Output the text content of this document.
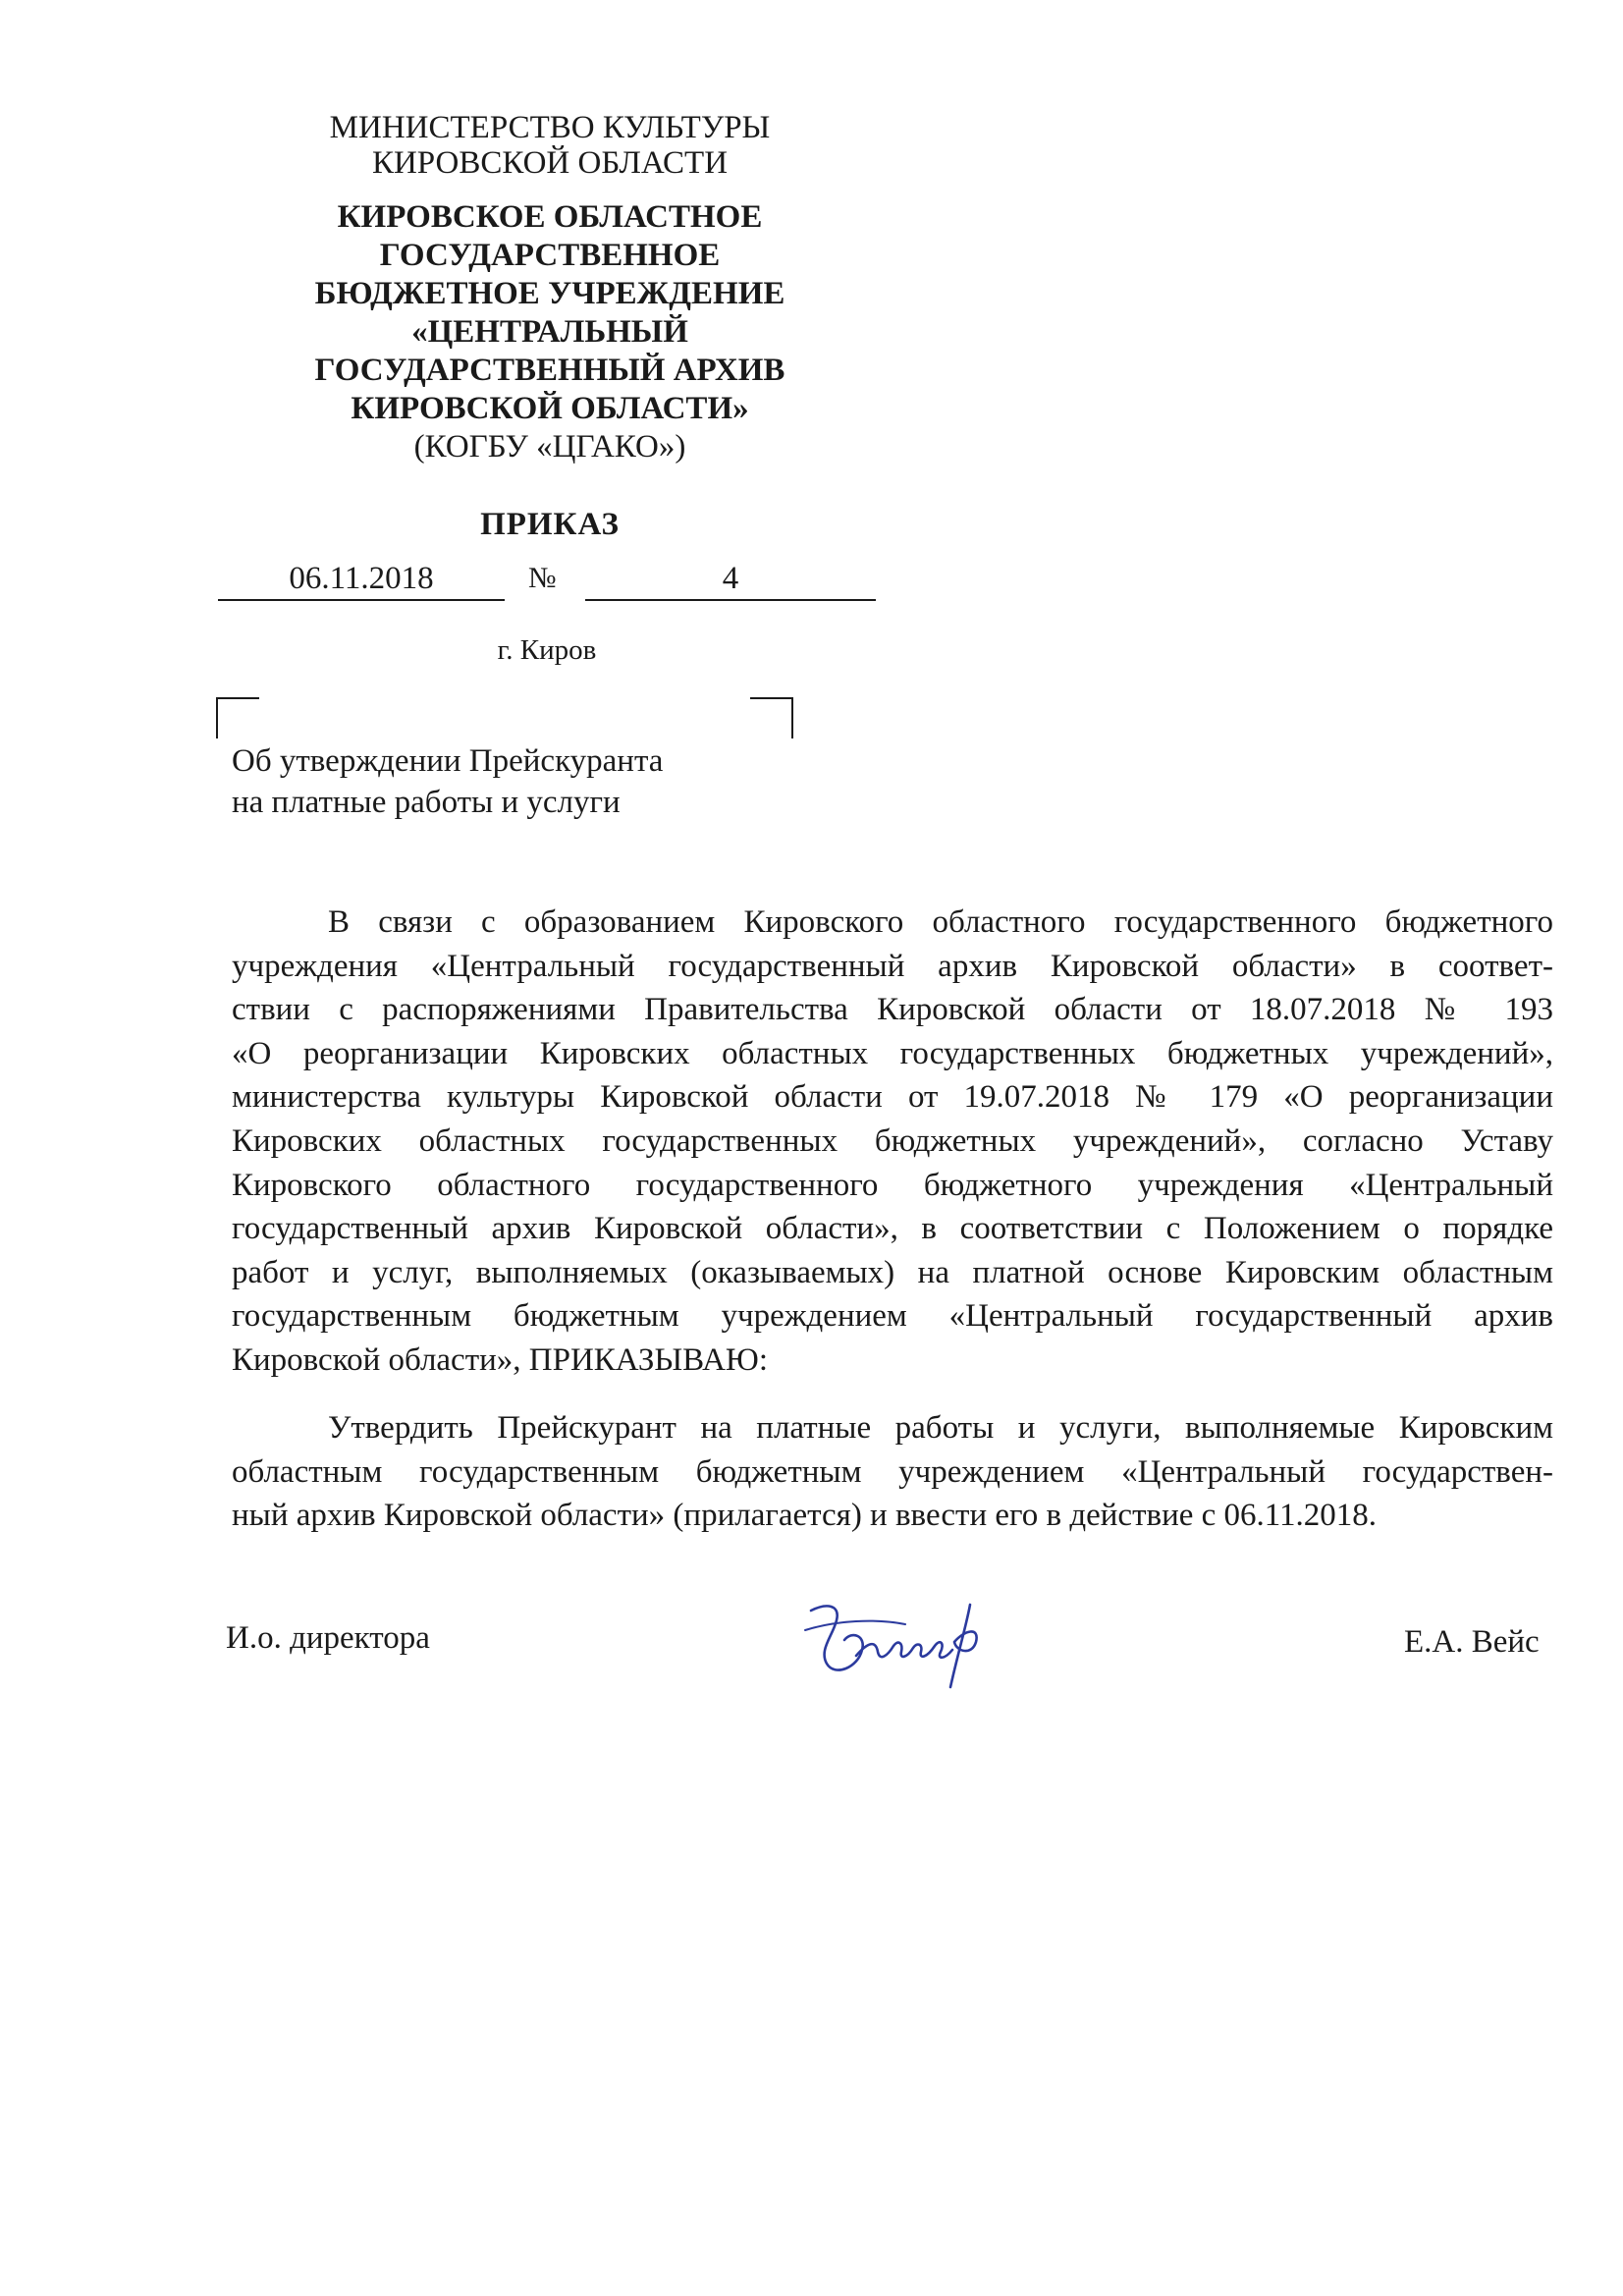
МИНИСТЕРСТВО КУЛЬТУРЫ
КИРОВСКОЙ ОБЛАСТИ
КИРОВСКОЕ ОБЛАСТНОЕ
ГОСУДАРСТВЕННОЕ
БЮДЖЕТНОЕ УЧРЕЖДЕНИЕ
«ЦЕНТРАЛЬНЫЙ
ГОСУДАРСТВЕННЫЙ АРХИВ
КИРОВСКОЙ ОБЛАСТИ»
(КОГБУ «ЦГАКО»)
ПРИКАЗ
06.11.2018	№	4
г. Киров
Об утверждении Прейскуранта
на платные работы и услуги
В связи с образованием Кировского областного государственного бюджетного
учреждения «Центральный государственный архив Кировской области» в соответ-
ствии с распоряжениями Правительства Кировской области от 18.07.2018 № 193
«О реорганизации Кировских областных государственных бюджетных учреждений»,
министерства культуры Кировской области от 19.07.2018 № 179 «О реорганизации
Кировских областных государственных бюджетных учреждений», согласно Уставу
Кировского областного государственного бюджетного учреждения «Центральный
государственный архив Кировской области», в соответствии с Положением о порядке
работ и услуг, выполняемых (оказываемых) на платной основе Кировским областным
государственным бюджетным учреждением «Центральный государственный архив
Кировской области», ПРИКАЗЫВАЮ:
Утвердить Прейскурант на платные работы и услуги, выполняемые Кировским
областным государственным бюджетным учреждением «Центральный государствен-
ный архив Кировской области» (прилагается) и ввести его в действие с 06.11.2018.
И.о. директора	Е.А. Вейс
